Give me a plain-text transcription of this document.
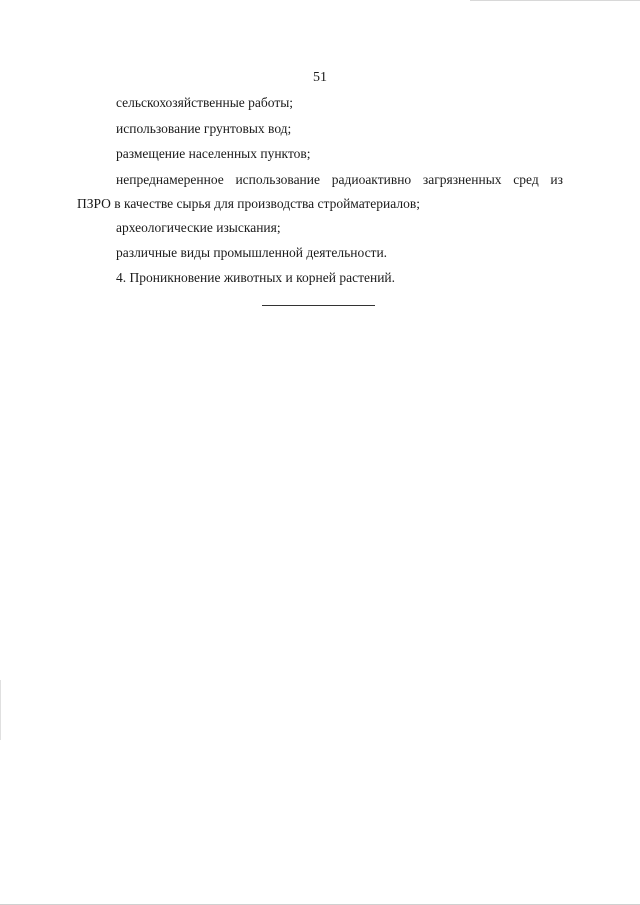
51
сельскохозяйственные работы;
использование грунтовых вод;
размещение населенных пунктов;
непреднамеренное использование радиоактивно загрязненных сред из
ПЗРО в качестве сырья для производства стройматериалов;
археологические изыскания;
различные виды промышленной деятельности.
4. Проникновение животных и корней растений.
